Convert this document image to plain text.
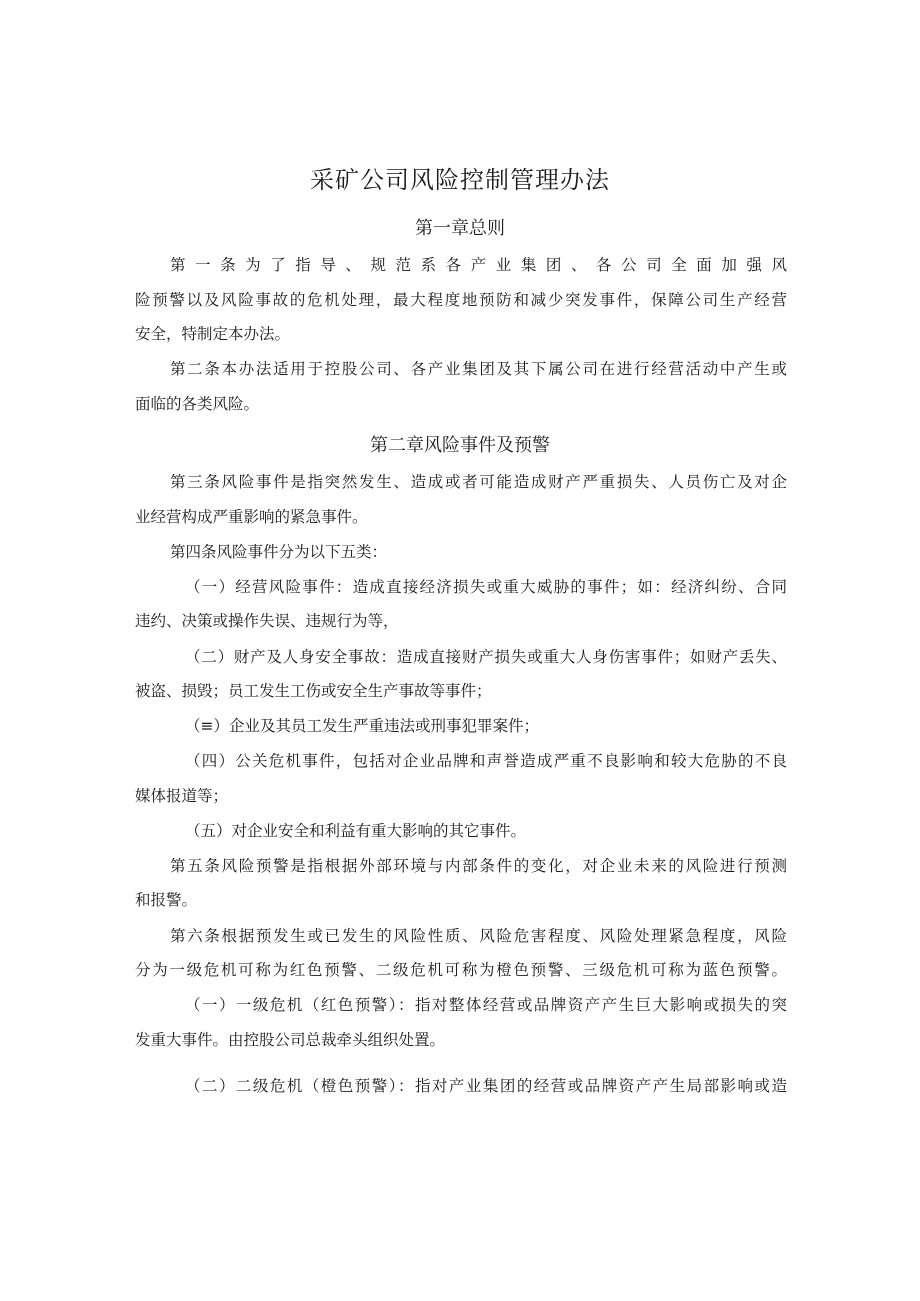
采矿公司风险控制管理办法
第一章总则
第一条为了指导、规范系各产业集团、各公司全面加强风
险预警以及风险事故的危机处理，最大程度地预防和减少突发事件，保障公司生产经营
安全，特制定本办法。
第二条本办法适用于控股公司、各产业集团及其下属公司在进行经营活动中产生或
面临的各类风险。
第二章风险事件及预警
第三条风险事件是指突然发生、造成或者可能造成财产严重损失、人员伤亡及对企
业经营构成严重影响的紧急事件。
第四条风险事件分为以下五类：
（一）经营风险事件：造成直接经济损失或重大威胁的事件；如：经济纠纷、合同
违约、决策或操作失误、违规行为等，
（二）财产及人身安全事故：造成直接财产损失或重大人身伤害事件；如财产丢失、
被盗、损毁；员工发生工伤或安全生产事故等事件；
（≡）企业及其员工发生严重违法或刑事犯罪案件；
（四）公关危机事件，包括对企业品牌和声誉造成严重不良影响和较大危胁的不良
媒体报道等；
（五）对企业安全和利益有重大影响的其它事件。
第五条风险预警是指根据外部环境与内部条件的变化，对企业未来的风险进行预测
和报警。
第六条根据预发生或已发生的风险性质、风险危害程度、风险处理紧急程度，风险
分为一级危机可称为红色预警、二级危机可称为橙色预警、三级危机可称为蓝色预警。
（一）一级危机（红色预警）：指对整体经营或品牌资产产生巨大影响或损失的突
发重大事件。由控股公司总裁牵头组织处置。
（二）二级危机（橙色预警）：指对产业集团的经营或品牌资产产生局部影响或造
